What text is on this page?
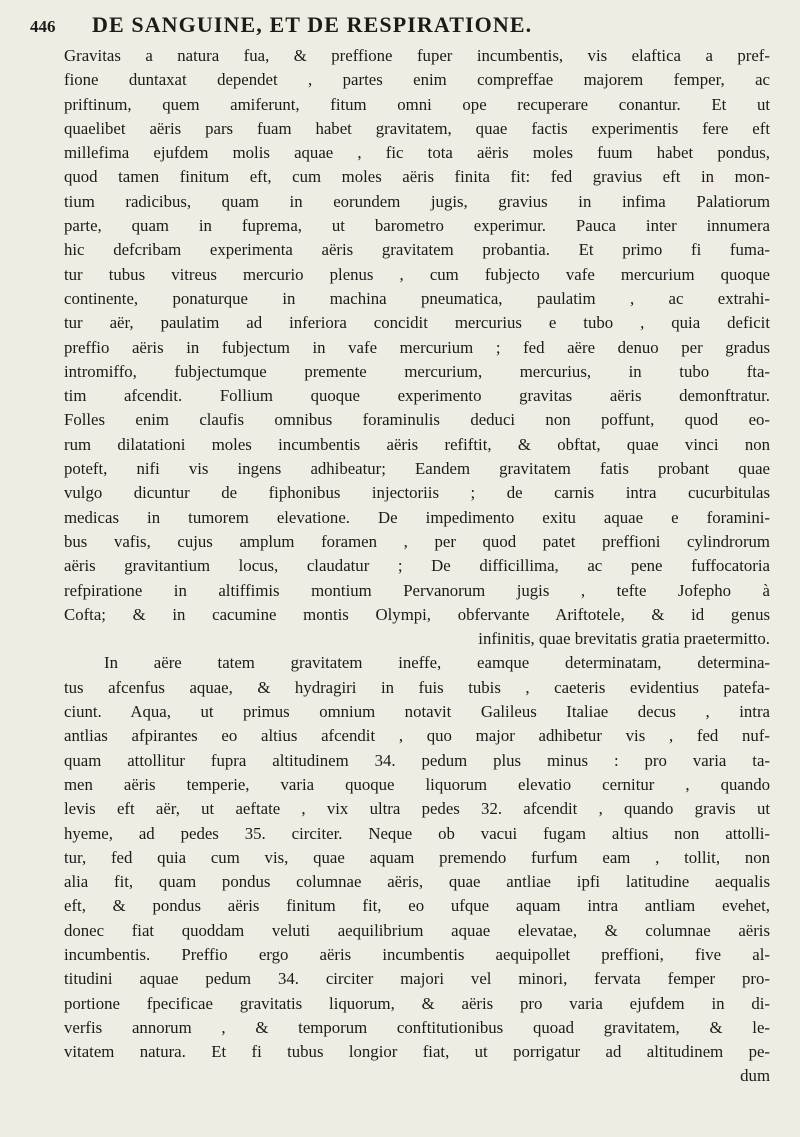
446	DE SANGUINE, ET DE RESPIRATIONE.
Gravitas a natura fua, & preffione fuper incumbentis, vis elaftica a pref-
fione duntaxat dependet , partes enim compreffae majorem femper, ac
priftinum, quem amiferunt, fitum omni ope recuperare conantur. Et ut
quaelibet aëris pars fuam habet gravitatem, quae factis experimentis fere eft
millefima ejufdem molis aquae , fic tota aëris moles fuum habet pondus,
quod tamen finitum eft, cum moles aëris finita fit: fed gravius eft in mon-
tium radicibus, quam in eorundem jugis, gravius in infima Palatiorum
parte, quam in fuprema, ut barometro experimur. Pauca inter innumera
hic defcribam experimenta aëris gravitatem probantia. Et primo fi fuma-
tur tubus vitreus mercurio plenus , cum fubjecto vafe mercurium quoque
continente, ponaturque in machina pneumatica, paulatim , ac extrahi-
tur aër, paulatim ad inferiora concidit mercurius e tubo , quia deficit
preffio aëris in fubjectum in vafe mercurium ; fed aëre denuo per gradus
intromiffo, fubjectumque premente mercurium, mercurius, in tubo fta-
tim afcendit. Follium quoque experimento gravitas aëris demonftratur.
Folles enim claufis omnibus foraminulis deduci non poffunt, quod eo-
rum dilatationi moles incumbentis aëris refiftit, & obftat, quae vinci non
poteft, nifi vis ingens adhibeatur; Eandem gravitatem fatis probant quae
vulgo dicuntur de fiphonibus injectoriis ; de carnis intra cucurbitulas
medicas in tumorem elevatione. De impedimento exitu aquae e foramini-
bus vafis, cujus amplum foramen , per quod patet preffioni cylindrorum
aëris gravitantium locus, claudatur ; De difficillima, ac pene fuffocatoria
refpiratione in altiffimis montium Pervanorum jugis , tefte Jofepho à
Cofta; & in cacumine montis Olympi, obfervante Ariftotele, & id genus
infinitis, quae brevitatis gratia praetermitto.
In aëre tatem gravitatem ineffe, eamque determinatam, determina-
tus afcenfus aquae, & hydragiri in fuis tubis , caeteris evidentius patefa-
ciunt. Aqua, ut primus omnium notavit Galileus Italiae decus , intra
antlias afpirantes eo altius afcendit , quo major adhibetur vis , fed nuf-
quam attollitur fupra altitudinem 34. pedum plus minus : pro varia ta-
men aëris temperie, varia quoque liquorum elevatio cernitur , quando
levis eft aër, ut aeftate , vix ultra pedes 32. afcendit , quando gravis ut
hyeme, ad pedes 35. circiter. Neque ob vacui fugam altius non attolli-
tur, fed quia cum vis, quae aquam premendo furfum eam , tollit, non
alia fit, quam pondus columnae aëris, quae antliae ipfi latitudine aequalis
eft, & pondus aëris finitum fit, eo ufque aquam intra antliam evehet,
donec fiat quoddam veluti aequilibrium aquae elevatae, & columnae aëris
incumbentis. Preffio ergo aëris incumbentis aequipollet preffioni, five al-
titudini aquae pedum 34. circiter majori vel minori, fervata femper pro-
portione fpecificae gravitatis liquorum, & aëris pro varia ejufdem in di-
verfis annorum , & temporum conftitutionibus quoad gravitatem, & le-
vitatem natura. Et fi tubus longior fiat, ut porrigatur ad altitudinem pe-
dum
